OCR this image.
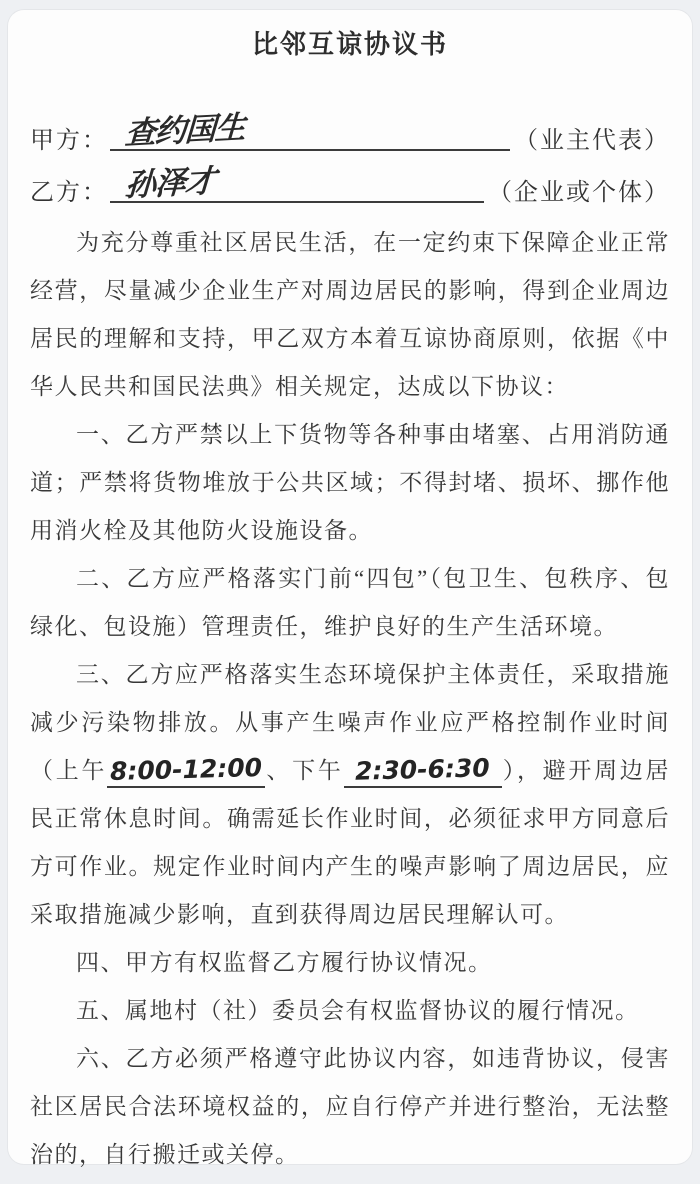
比邻互谅协议书
甲方： 查约国生	（业主代表）
乙方： 孙泽才	（企业或个体）

为充分尊重社区居民生活，在一定约束下保障企业正常经营，尽量减少企业生产对周边居民的影响，得到企业周边居民的理解和支持，甲乙双方本着互谅协商原则，依据《中华人民共和国民法典》相关规定，达成以下协议：

一、乙方严禁以上下货物等各种事由堵塞、占用消防通道；严禁将货物堆放于公共区域；不得封堵、损坏、挪作他用消火栓及其他防火设施设备。

二、乙方应严格落实门前“四包”（包卫生、包秩序、包绿化、包设施）管理责任，维护良好的生产生活环境。

三、乙方应严格落实生态环境保护主体责任，采取措施减少污染物排放。从事产生噪声作业应严格控制作业时间（上午 8:00-12:00 、下午 2:30-6:30 ），避开周边居民正常休息时间。确需延长作业时间，必须征求甲方同意后方可作业。规定作业时间内产生的噪声影响了周边居民，应采取措施减少影响，直到获得周边居民理解认可。

四、甲方有权监督乙方履行协议情况。

五、属地村（社）委员会有权监督协议的履行情况。

六、乙方必须严格遵守此协议内容，如违背协议，侵害社区居民合法环境权益的，应自行停产并进行整治，无法整治的，自行搬迁或关停。
